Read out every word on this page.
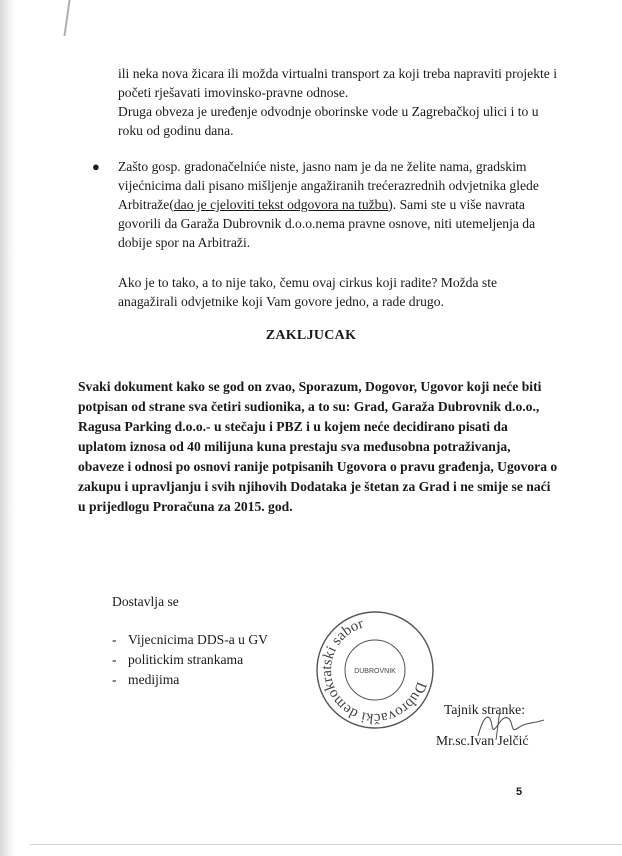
ili neka nova žicara ili možda virtualni transport za koji treba napraviti projekte i početi rješavati imovinsko-pravne odnose.

Druga obveza je uređenje odvodnje oborinske vode u Zagrebačkoj ulici i to u roku od godinu dana.

● Zašto gosp. gradonačelniće niste, jasno nam je da ne želite nama, gradskim vijećnicima dali pisano mišljenje angažiranih trećerazrednih odvjetnika glede Arbitraže(dao je cjeloviti tekst odgovora na tužbu). Sami ste u više navrata govorili da Garaža Dubrovnik d.o.o.nema pravne osnove, niti utemeljenja da dobije spor na Arbitraži.

Ako je to tako, a to nije tako, čemu ovaj cirkus koji radite? Možda ste anagažirali odvjetnike koji Vam govore jedno, a rade drugo.

ZAKLJUCAK

Svaki dokument kako se god on zvao, Sporazum, Dogovor, Ugovor koji neće biti potpisan od strane sva četiri sudionika, a to su: Grad, Garaža Dubrovnik d.o.o., Ragusa Parking d.o.o.- u stečaju i PBZ i u kojem neće decidirano pisati da uplatom iznosa od 40 milijuna kuna prestaju sva međusobna potraživanja, obaveze i odnosi po osnovi ranije potpisanih Ugovora o pravu građenja, Ugovora o zakupu i upravljanju i svih njihovih Dodataka je štetan za Grad i ne smije se naći u prijedlogu Proračuna za 2015. god.

Dostavlja se
- Vijecnicima DDS-a u GV
- politickim strankama
- medijima
Dubrovački demokratski sabor
DUBROVNIK
Tajnik stranke:
Mr.sc.Ivan Jelčić
5
